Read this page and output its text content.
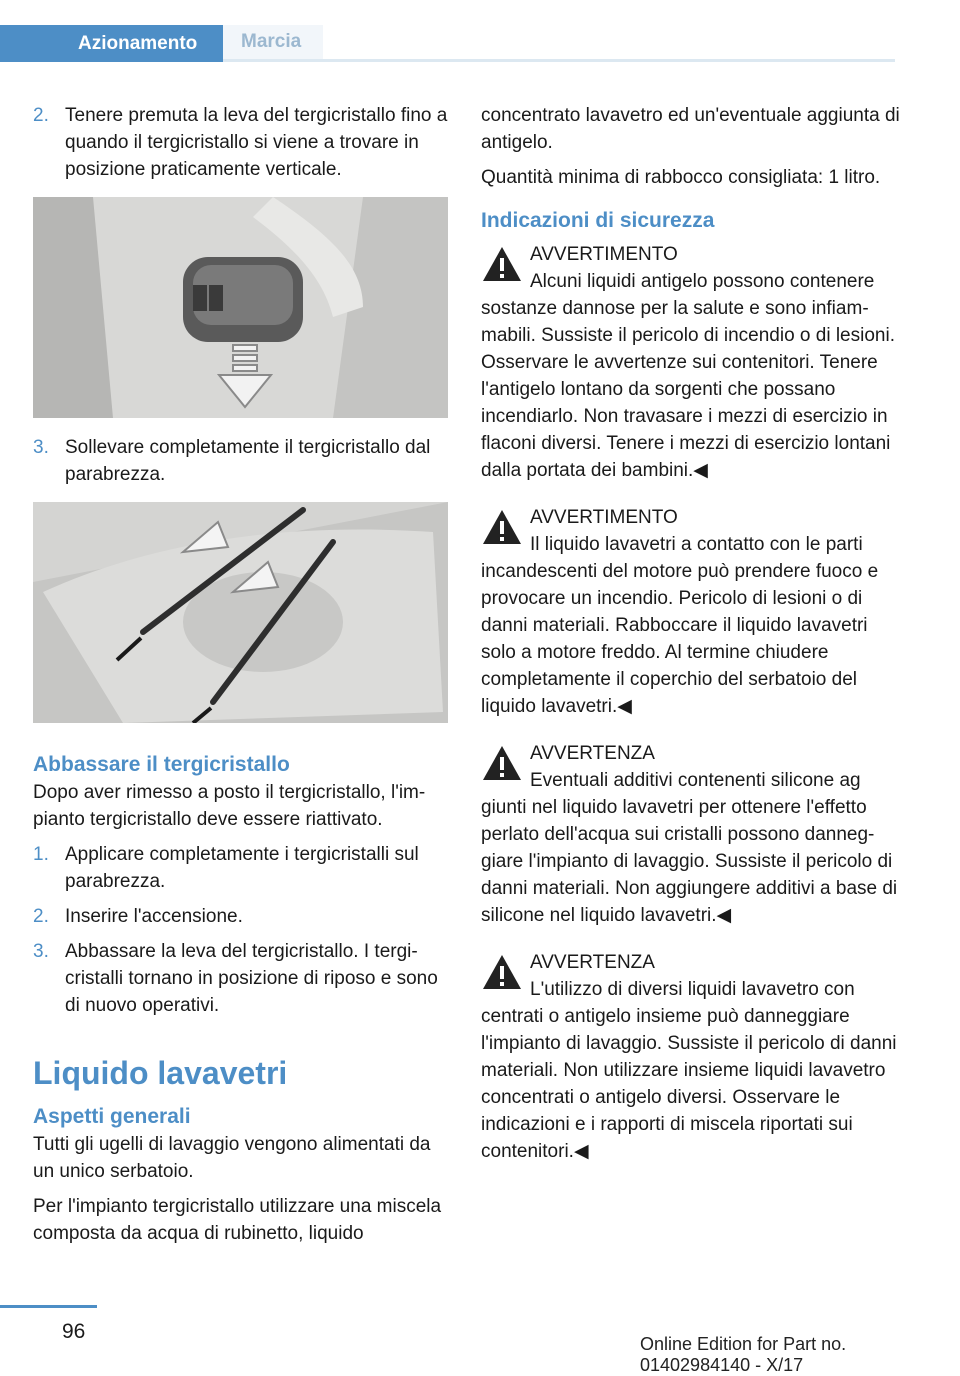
Azionamento	Marcia
2. Tenere premuta la leva del tergicristallo fino a quando il tergicristallo si viene a trovare in posizione praticamente verticale.
3. Sollevare completamente il tergicristallo dal parabrezza.
Abbassare il tergicristallo

Dopo aver rimesso a posto il tergicristallo, l'impianto tergicristallo deve essere riattivato.

1. Applicare completamente i tergicristalli sul parabrezza.
2. Inserire l'accensione.
3. Abbassare la leva del tergicristallo. I tergicristalli tornano in posizione di riposo e sono di nuovo operativi.
Liquido lavavetri
Aspetti generali

Tutti gli ugelli di lavaggio vengono alimentati da un unico serbatoio.

Per l'impianto tergicristallo utilizzare una miscela composta da acqua di rubinetto, liquido

concentrato lavavetro ed un'eventuale aggiunta di antigelo.

Quantità minima di rabbocco consigliata: 1 litro.

Indicazioni di sicurezza
AVVERTIMENTO
Alcuni liquidi antigelo possono contenere
sostanze dannose per la salute e sono infiammabili. Sussiste il pericolo di incendio o di lesioni. Osservare le avvertenze sui contenitori. Tenere l'antigelo lontano da sorgenti che possano incendiarlo. Non travasare i mezzi di esercizio in flaconi diversi. Tenere i mezzi di esercizio lontani dalla portata dei bambini.◀
AVVERTIMENTO
Il liquido lavavetri a contatto con le parti
incandescenti del motore può prendere fuoco e provocare un incendio. Pericolo di lesioni o di danni materiali. Rabboccare il liquido lavavetri solo a motore freddo. Al termine chiudere completamente il coperchio del serbatoio del liquido lavavetri.◀
AVVERTENZA
Eventuali additivi contenenti silicone ag
giunti nel liquido lavavetri per ottenere l'effetto perlato dell'acqua sui cristalli possono danneggiare l'impianto di lavaggio. Sussiste il pericolo di danni materiali. Non aggiungere additivi a base di silicone nel liquido lavavetri.◀
AVVERTENZA
L'utilizzo di diversi liquidi lavavetro con
centrati o antigelo insieme può danneggiare l'impianto di lavaggio. Sussiste il pericolo di danni materiali. Non utilizzare insieme liquidi lavavetro concentrati o antigelo diversi. Osservare le indicazioni e i rapporti di miscela riportati sui contenitori.◀
96
Online Edition for Part no. 01402984140 - X/17
